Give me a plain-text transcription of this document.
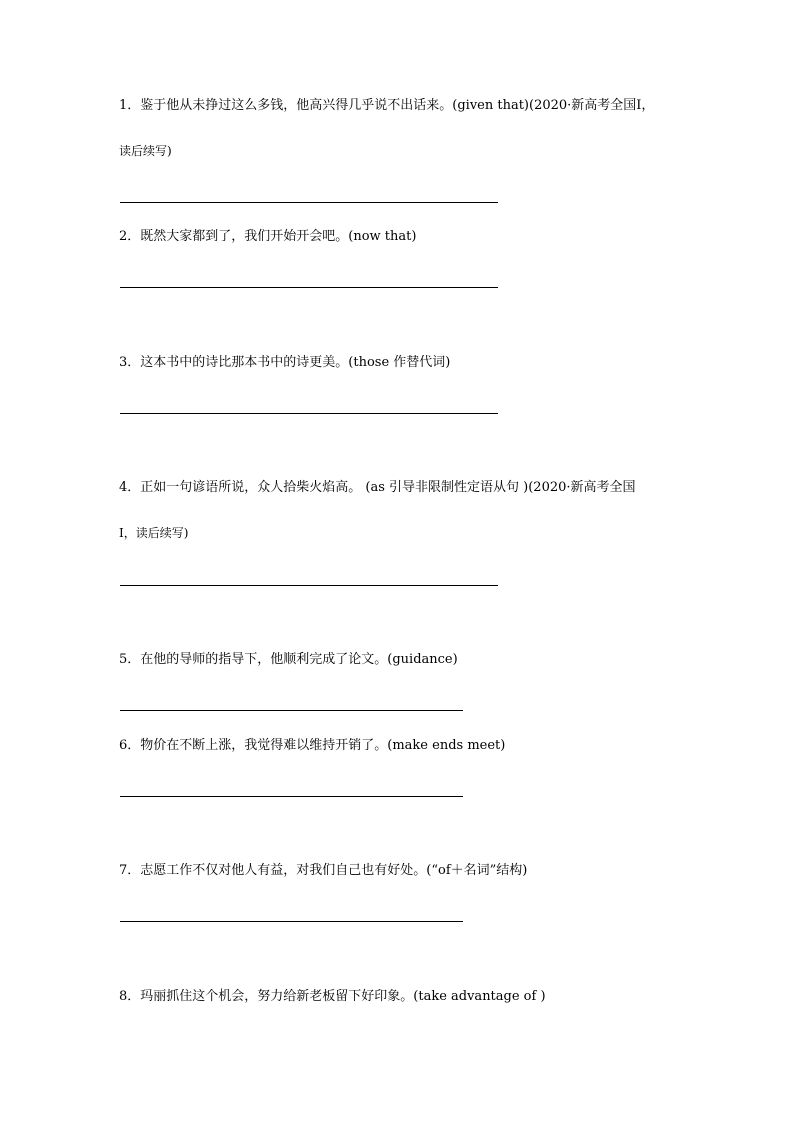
1．鉴于他从未挣过这么多钱，他高兴得几乎说不出话来。(given that)(2020·新高考全国Ⅰ，
读后续写)
2．既然大家都到了，我们开始开会吧。(now that)
3．这本书中的诗比那本书中的诗更美。(those 作替代词)
4．正如一句谚语所说，众人拾柴火焰高。 (as 引导非限制性定语从句 )(2020·新高考全国
Ⅰ，读后续写)
5．在他的导师的指导下，他顺利完成了论文。(guidance)
6．物价在不断上涨，我觉得难以维持开销了。(make ends meet)
7．志愿工作不仅对他人有益，对我们自己也有好处。(“of＋名词”结构)
8．玛丽抓住这个机会，努力给新老板留下好印象。(take advantage of )
